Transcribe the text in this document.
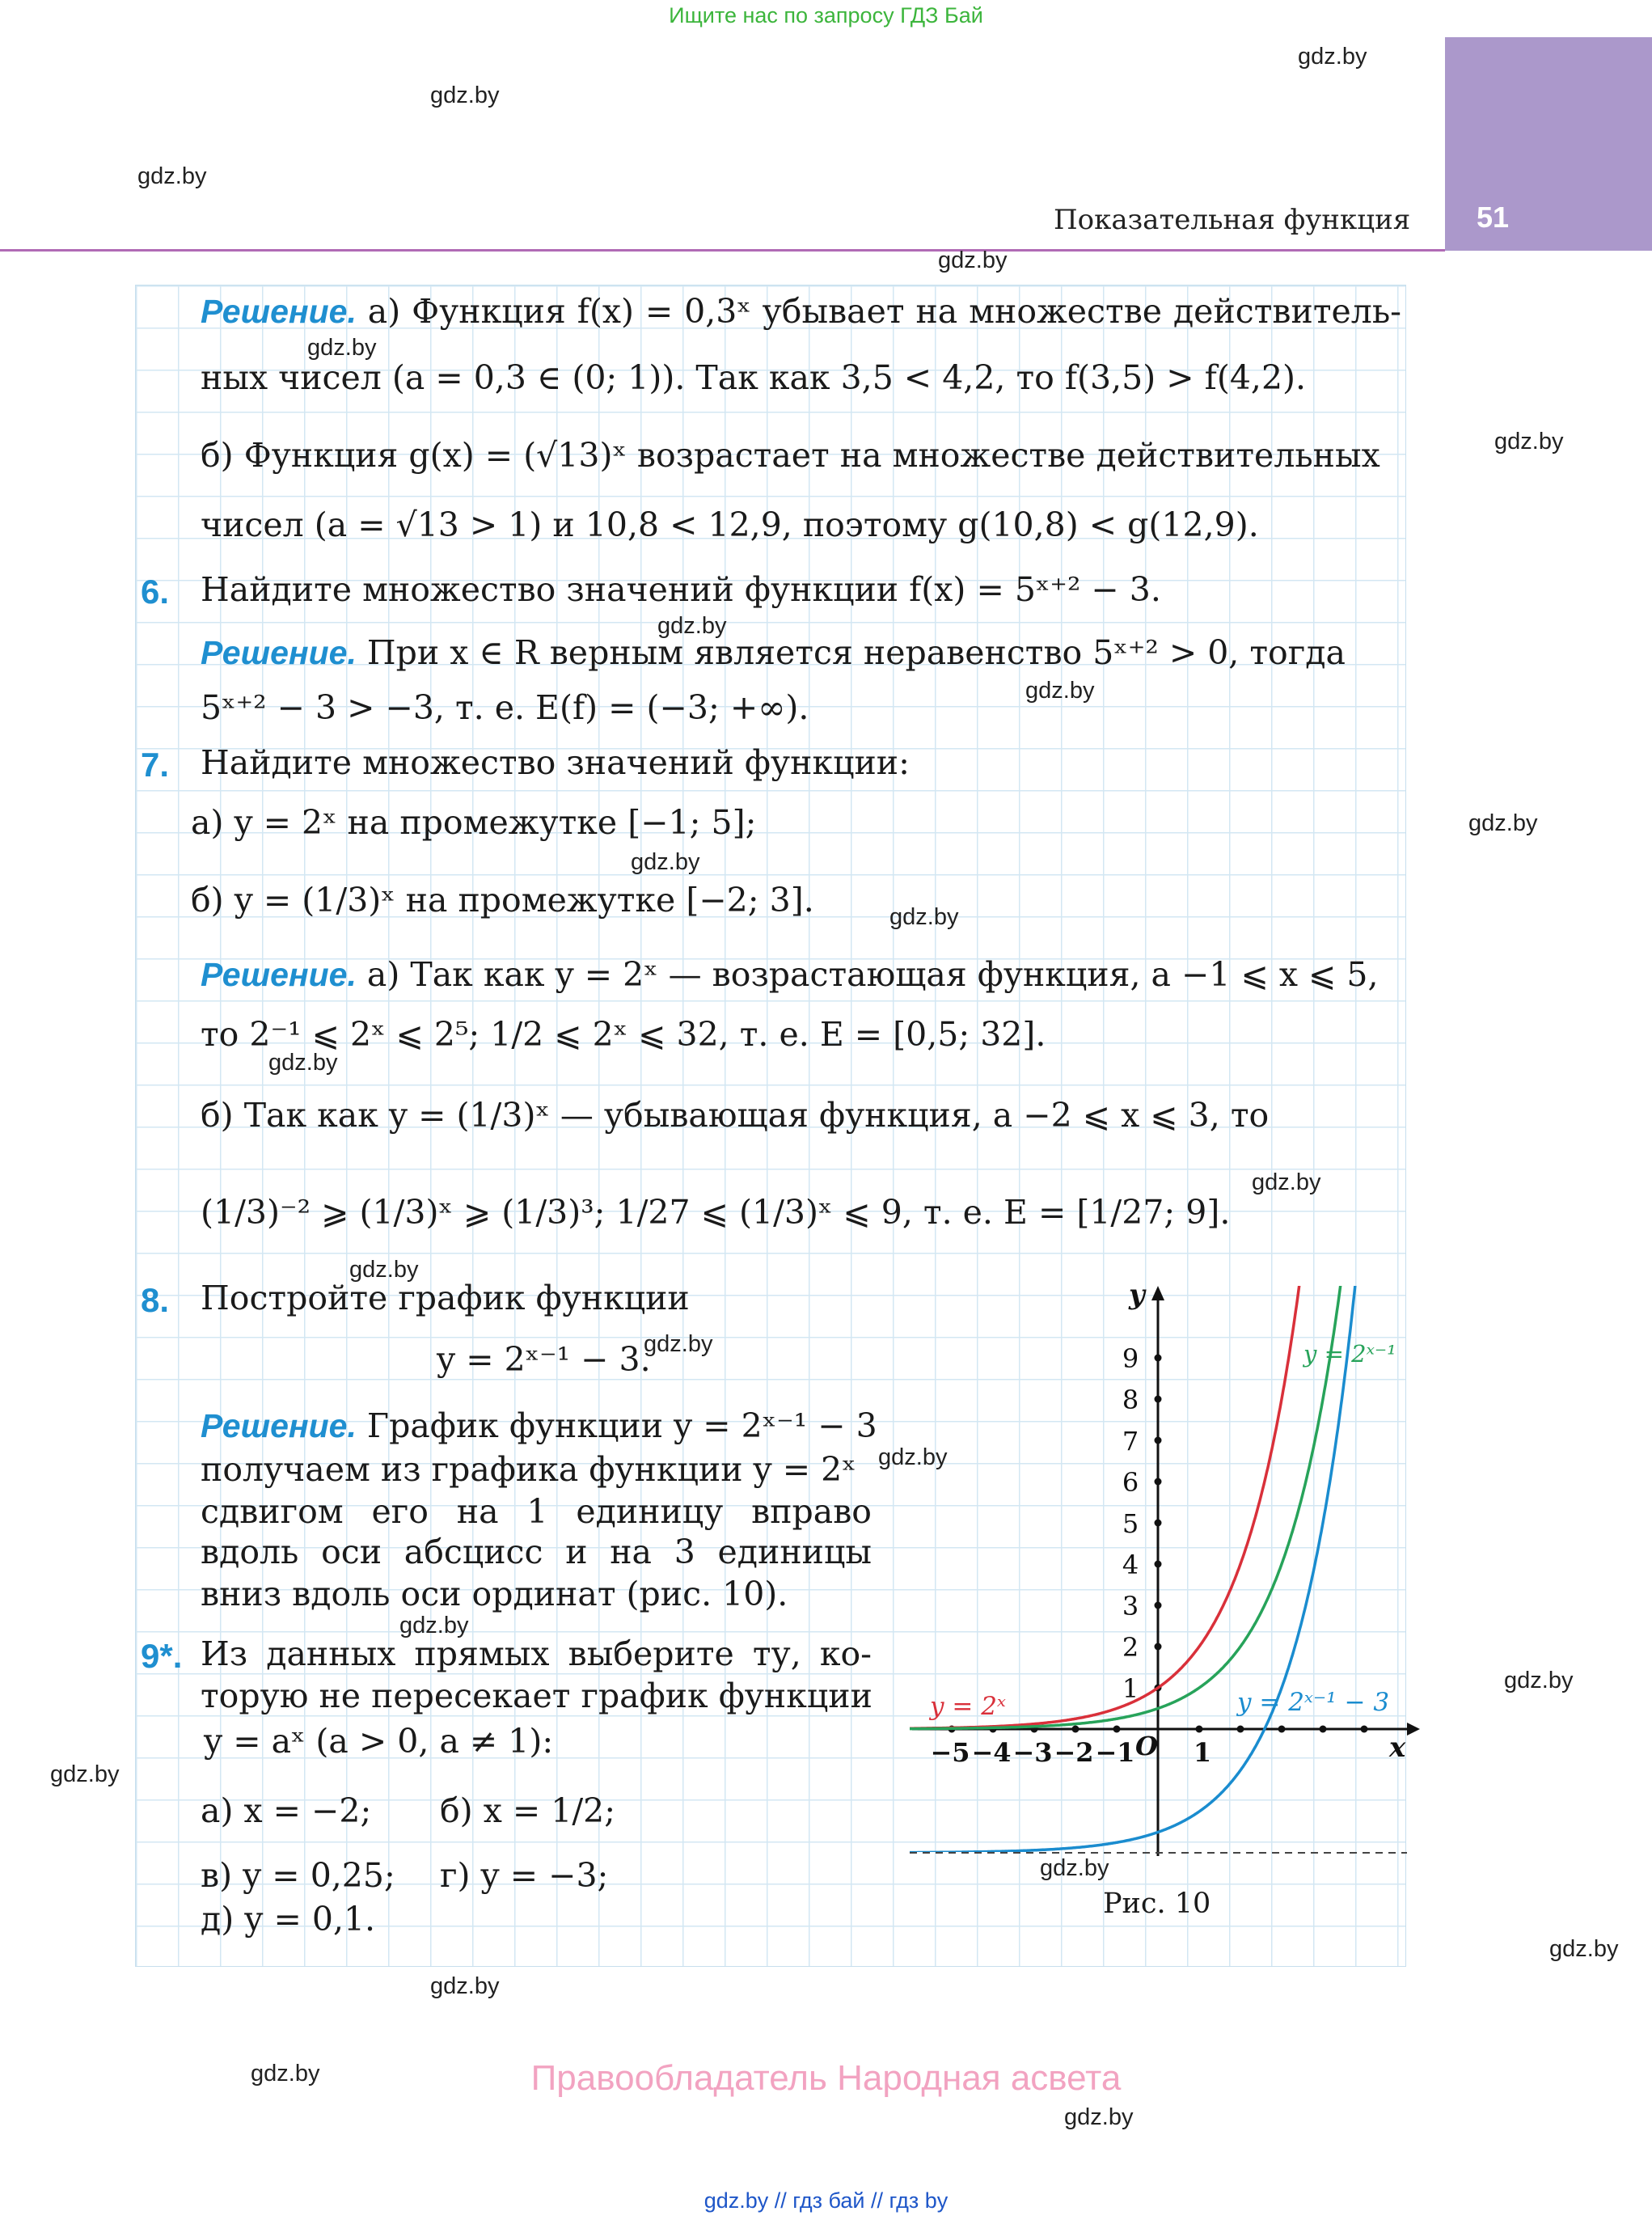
Ищите нас по запросу ГДЗ Бай
51
Показательная функция
Решение. а) Функция f(x) = 0,3ˣ убывает на множестве действитель-
ных чисел (a = 0,3 ∈ (0; 1)). Так как 3,5 < 4,2, то f(3,5) > f(4,2).
б) Функция g(x) = (√13)ˣ возрастает на множестве действительных
чисел (a = √13 > 1) и 10,8 < 12,9, поэтому g(10,8) < g(12,9).
6. Найдите множество значений функции f(x) = 5ˣ⁺² − 3.
Решение. При x ∈ R верным является неравенство 5ˣ⁺² > 0, тогда
5ˣ⁺² − 3 > −3, т. е. E(f) = (−3; +∞).
7. Найдите множество значений функции:
а) y = 2ˣ на промежутке [−1; 5];
б) y = (1/3)ˣ на промежутке [−2; 3].
Решение. а) Так как y = 2ˣ — возрастающая функция, а −1 ⩽ x ⩽ 5,
то 2⁻¹ ⩽ 2ˣ ⩽ 2⁵; 1/2 ⩽ 2ˣ ⩽ 32, т. е. E = [0,5; 32].
б) Так как y = (1/3)ˣ — убывающая функция, а −2 ⩽ x ⩽ 3, то
(1/3)⁻² ⩾ (1/3)ˣ ⩾ (1/3)³; 1/27 ⩽ (1/3)ˣ ⩽ 9, т. е. E = [1/27; 9].
8. Постройте график функции
y = 2ˣ⁻¹ − 3.
Решение. График функции y = 2ˣ⁻¹ − 3
получаем из графика функции y = 2ˣ
сдвигом его на 1 единицу вправо
вдоль оси абсцисс и на 3 единицы
вниз вдоль оси ординат (рис. 10).
9*. Из данных прямых выберите ту, ко-
торую не пересекает график функции
y = aˣ (a > 0, a ≠ 1):
а) x = −2; б) x = 1/2;
в) y = 0,25; г) y = −3;
д) y = 0,1.
−5 −4 −3 −2 −1 1
1
2
3
4
5
6
7
8
9
O	x
y
y = 2ˣ
y = 2ˣ⁻¹
y = 2ˣ⁻¹ − 3
Рис. 10
Правообладатель Народная асвета
gdz.by // гдз бай // гдз by
gdz.by
gdz.by
gdz.by
gdz.by
gdz.by
gdz.by
gdz.by
gdz.by
gdz.by
gdz.by
gdz.by
gdz.by
gdz.by
gdz.by
gdz.by
gdz.by
gdz.by
gdz.by
gdz.by
gdz.by
gdz.by
gdz.by
gdz.by
gdz.by
